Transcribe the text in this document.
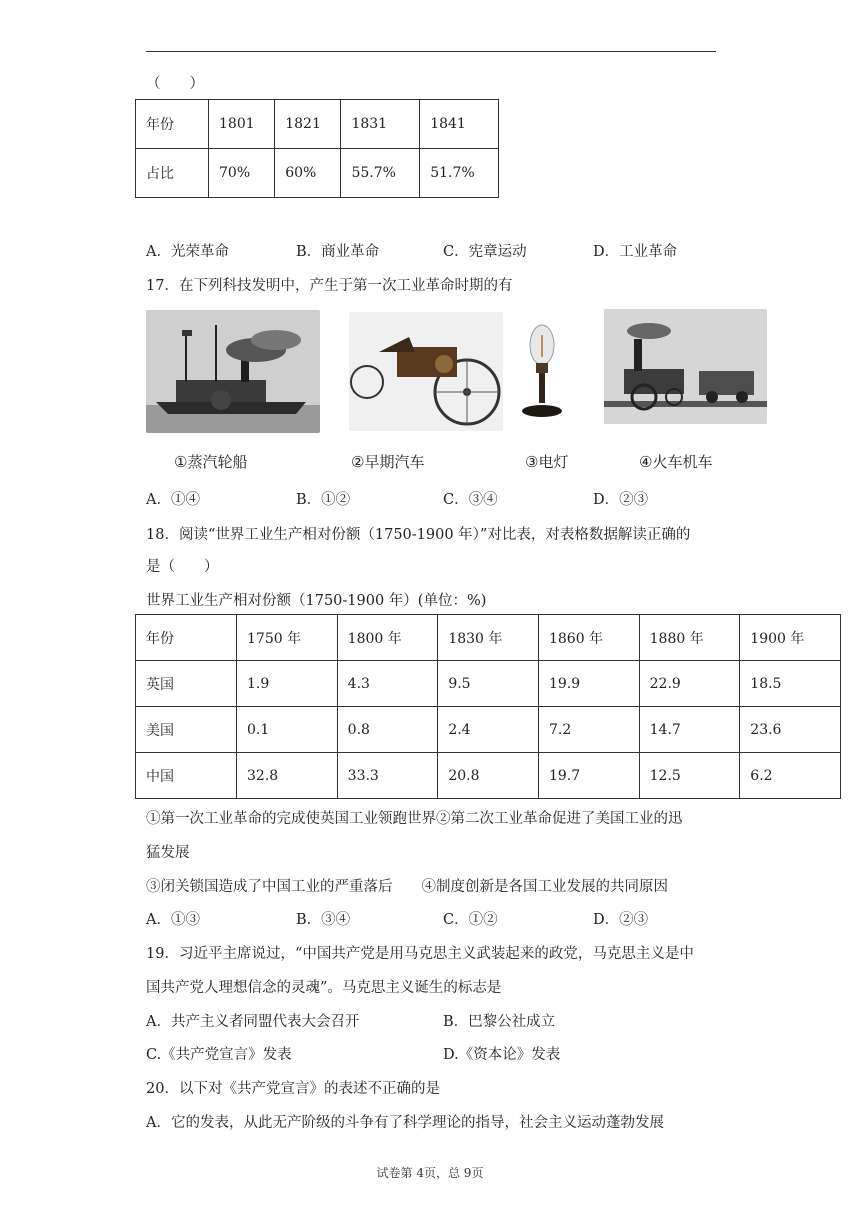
（　　）
年份	1801	1821	1831	1841
占比	70%	60%	55.7%	51.7%
A．光荣革命	B．商业革命	C．宪章运动	D．工业革命
17．在下列科技发明中，产生于第一次工业革命时期的有
①蒸汽轮船	②早期汽车	③电灯	④火车机车
A．①④	B．①②	C．③④	D．②③
18．阅读“世界工业生产相对份额（1750-1900 年）”对比表，对表格数据解读正确的
是（　　）
世界工业生产相对份额（1750-1900 年）(单位：%)
年份	1750 年	1800 年	1830 年	1860 年	1880 年	1900 年
英国	1.9	4.3	9.5	19.9	22.9	18.5
美国	0.1	0.8	2.4	7.2	14.7	23.6
中国	32.8	33.3	20.8	19.7	12.5	6.2
①第一次工业革命的完成使英国工业领跑世界②第二次工业革命促进了美国工业的迅
猛发展
③闭关锁国造成了中国工业的严重落后　　④制度创新是各国工业发展的共同原因
A．①③	B．③④	C．①②	D．②③
19．习近平主席说过，“中国共产党是用马克思主义武装起来的政党，马克思主义是中
国共产党人理想信念的灵魂”。马克思主义诞生的标志是
A．共产主义者同盟代表大会召开	B．巴黎公社成立
C.《共产党宣言》发表	D.《资本论》发表
20．以下对《共产党宣言》的表述不正确的是
A．它的发表，从此无产阶级的斗争有了科学理论的指导，社会主义运动蓬勃发展
试卷第 4页，总 9页
